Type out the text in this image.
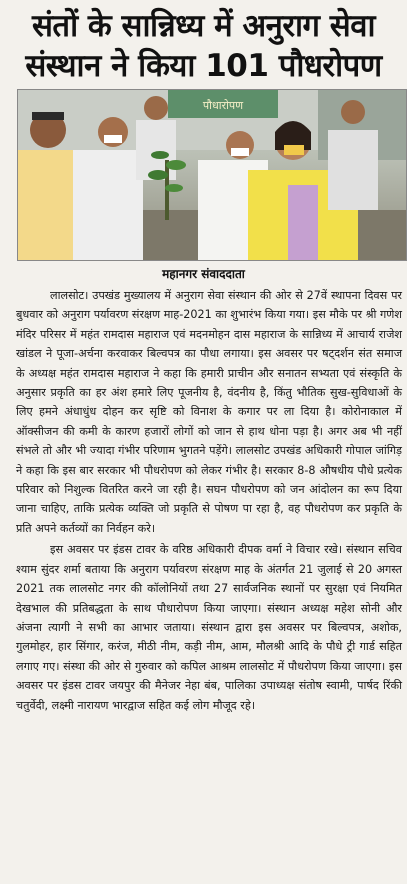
संतों के सान्निध्य में अनुराग सेवा
संस्थान ने किया 101 पौधरोपण
पौधारोपण
महानगर संवाददाता

लालसोट। उपखंड मुख्यालय में अनुराग सेवा संस्थान की ओर से 27वें स्थापना दिवस पर बुधवार को अनुराग पर्यावरण संरक्षण माह-2021 का शुभारंभ किया गया। इस मौके पर श्री गणेश मंदिर परिसर में महंत रामदास महाराज एवं मदनमोहन दास महाराज के सान्निध्य में आचार्य राजेश खांडल ने पूजा-अर्चना करवाकर बिल्वपत्र का पौधा लगाया। इस अवसर पर षट्दर्शन संत समाज के अध्यक्ष महंत रामदास महाराज ने कहा कि हमारी प्राचीन और सनातन सभ्यता एवं संस्कृति के अनुसार प्रकृति का हर अंश हमारे लिए पूजनीय है, वंदनीय है, किंतु भौतिक सुख-सुविधाओं के लिए हमने अंधाधुंध दोहन कर सृष्टि को विनाश के कगार पर ला दिया है। कोरोनाकाल में ऑक्सीजन की कमी के कारण हजारों लोगों को जान से हाथ धोना पड़ा है। अगर अब भी नहीं संभले तो और भी ज्यादा गंभीर परिणाम भुगतने पड़ेंगे। लालसोट उपखंड अधिकारी गोपाल जांगिड़ ने कहा कि इस बार सरकार भी पौधरोपण को लेकर गंभीर है। सरकार 8-8 औषधीय पौधे प्रत्येक परिवार को निशुल्क वितरित करने जा रही है। सघन पौधरोपण को जन आंदोलन का रूप दिया जाना चाहिए, ताकि प्रत्येक व्यक्ति जो प्रकृति से पोषण पा रहा है, वह पौधरोपण कर प्रकृति के प्रति अपने कर्तव्यों का निर्वहन करे।

इस अवसर पर इंडस टावर के वरिष्ठ अधिकारी दीपक वर्मा ने विचार रखे। संस्थान सचिव श्याम सुंदर शर्मा बताया कि अनुराग पर्यावरण संरक्षण माह के अंतर्गत 21 जुलाई से 20 अगस्त 2021 तक लालसोट नगर की कॉलोनियों तथा 27 सार्वजनिक स्थानों पर सुरक्षा एवं नियमित देखभाल की प्रतिबद्धता के साथ पौधारोपण किया जाएगा। संस्थान अध्यक्ष महेश सोनी और अंजना त्यागी ने सभी का आभार जताया। संस्थान द्वारा इस अवसर पर बिल्वपत्र, अशोक, गुलमोहर, हार सिंगार, करंज, मीठी नीम, कड़ी नीम, आम, मौलश्री आदि के पौधे ट्री गार्ड सहित लगाए गए। संस्था की ओर से गुरुवार को कपिल आश्रम लालसोट में पौधरोपण किया जाएगा। इस अवसर पर इंडस टावर जयपुर की मैनेजर नेहा बंब, पालिका उपाध्यक्ष संतोष स्वामी, पार्षद रिंकी चतुर्वेदी, लक्ष्मी नारायण भारद्वाज सहित कई लोग मौजूद रहे।
